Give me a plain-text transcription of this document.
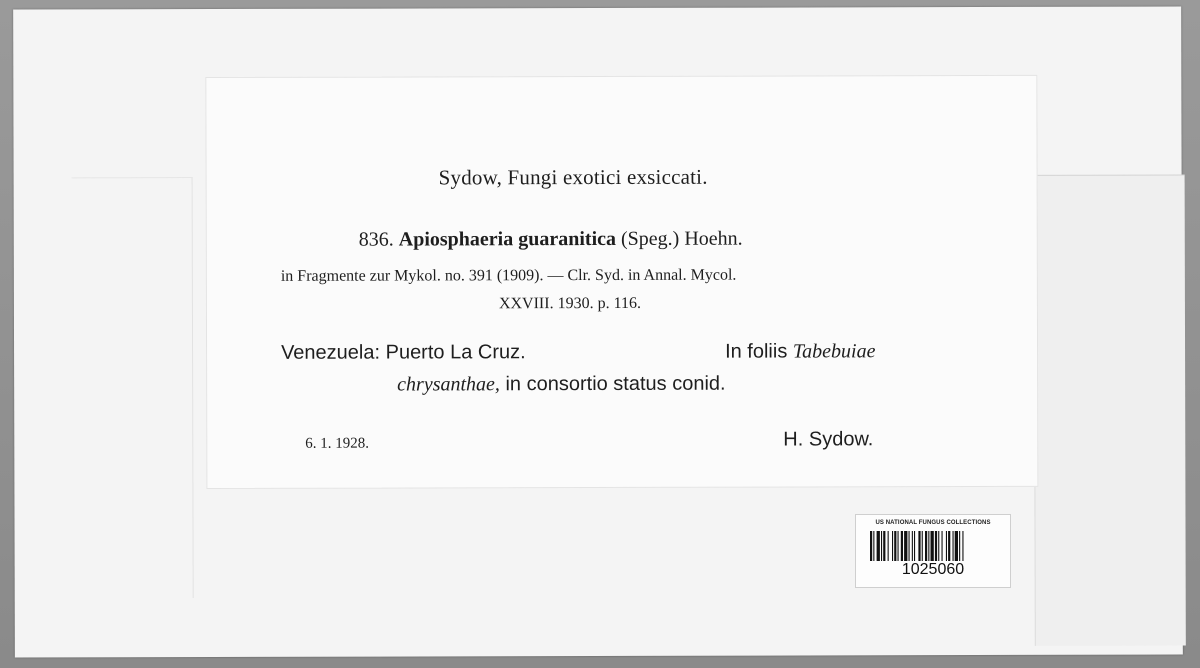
Sydow, Fungi exotici exsiccati.
836. Apiosphaeria guaranitica (Speg.) Hoehn.
in Fragmente zur Mykol. no. 391 (1909). — Clr. Syd. in Annal. Mycol.
XXVIII. 1930. p. 116.
Venezuela: Puerto La Cruz.	In foliis Tabebuiae
chrysanthae, in consortio status conid.
6. 1. 1928.	H. Sydow.
US NATIONAL FUNGUS COLLECTIONS
1025060
